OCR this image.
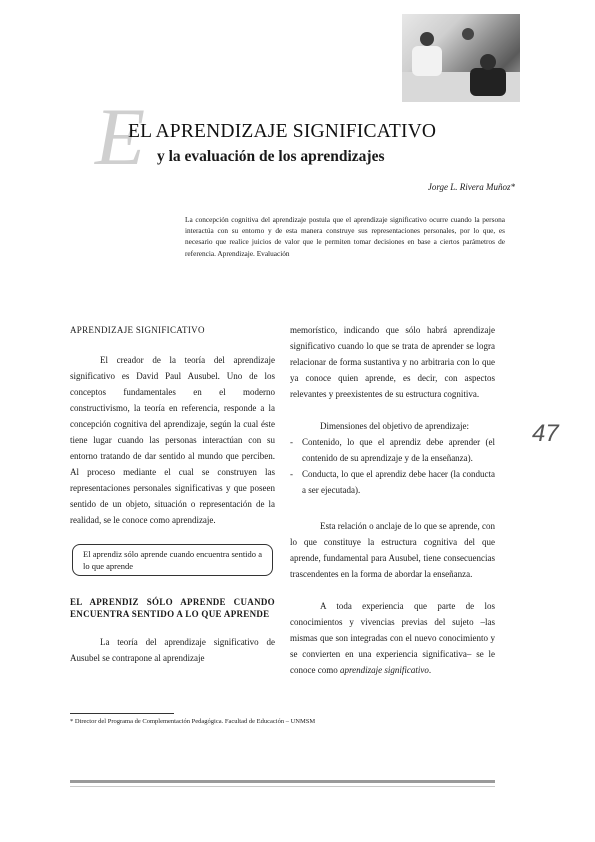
E
EL APRENDIZAJE SIGNIFICATIVO
y la evaluación de los aprendizajes
Jorge L. Rivera Muñoz*

La concepción cognitiva del aprendizaje postula que el aprendizaje significativo ocurre cuando la persona interactúa con su entorno y de esta manera construye sus representaciones personales, por lo que, es necesario que realice juicios de valor que le permiten tomar decisiones en base a ciertos parámetros de referencia. Aprendizaje. Evaluación

APRENDIZAJE SIGNIFICATIVO

El creador de la teoría del aprendizaje significativo es David Paul Ausubel. Uno de los conceptos fundamentales en el moderno constructivismo, la teoría en referencia, responde a la concepción cognitiva del aprendizaje, según la cual éste tiene lugar cuando las personas interactúan con su entorno tratando de dar sentido al mundo que perciben. Al proceso mediante el cual se construyen las representaciones personales significativas y que poseen sentido de un objeto, situación o representación de la realidad, se le conoce como aprendizaje.

El aprendiz sólo aprende cuando encuentra sentido a lo que aprende
EL APRENDIZ SÓLO APRENDE CUANDO ENCUENTRA SENTIDO A LO QUE APRENDE

La teoría del aprendizaje significativo de Ausubel se contrapone al aprendizaje

memorístico, indicando que sólo habrá aprendizaje significativo cuando lo que se trata de aprender se logra relacionar de forma sustantiva y no arbitraria con lo que ya conoce quien aprende, es decir, con aspectos relevantes y preexistentes de su estructura cognitiva.

Dimensiones del objetivo de aprendizaje:

- Contenido, lo que el aprendiz debe aprender (el contenido de su aprendizaje y de la enseñanza).
- Conducta, lo que el aprendiz debe hacer (la conducta a ser ejecutada).

Esta relación o anclaje de lo que se aprende, con lo que constituye la estructura cognitiva del que aprende, fundamental para Ausubel, tiene consecuencias trascendentes en la forma de abordar la enseñanza.

A toda experiencia que parte de los conocimientos y vivencias previas del sujeto –las mismas que son integradas con el nuevo conocimiento y se convierten en una experiencia significativa– se le conoce como aprendizaje significativo.

47
* Director del Programa de Complementación Pedagógica. Facultad de Educación – UNMSM
